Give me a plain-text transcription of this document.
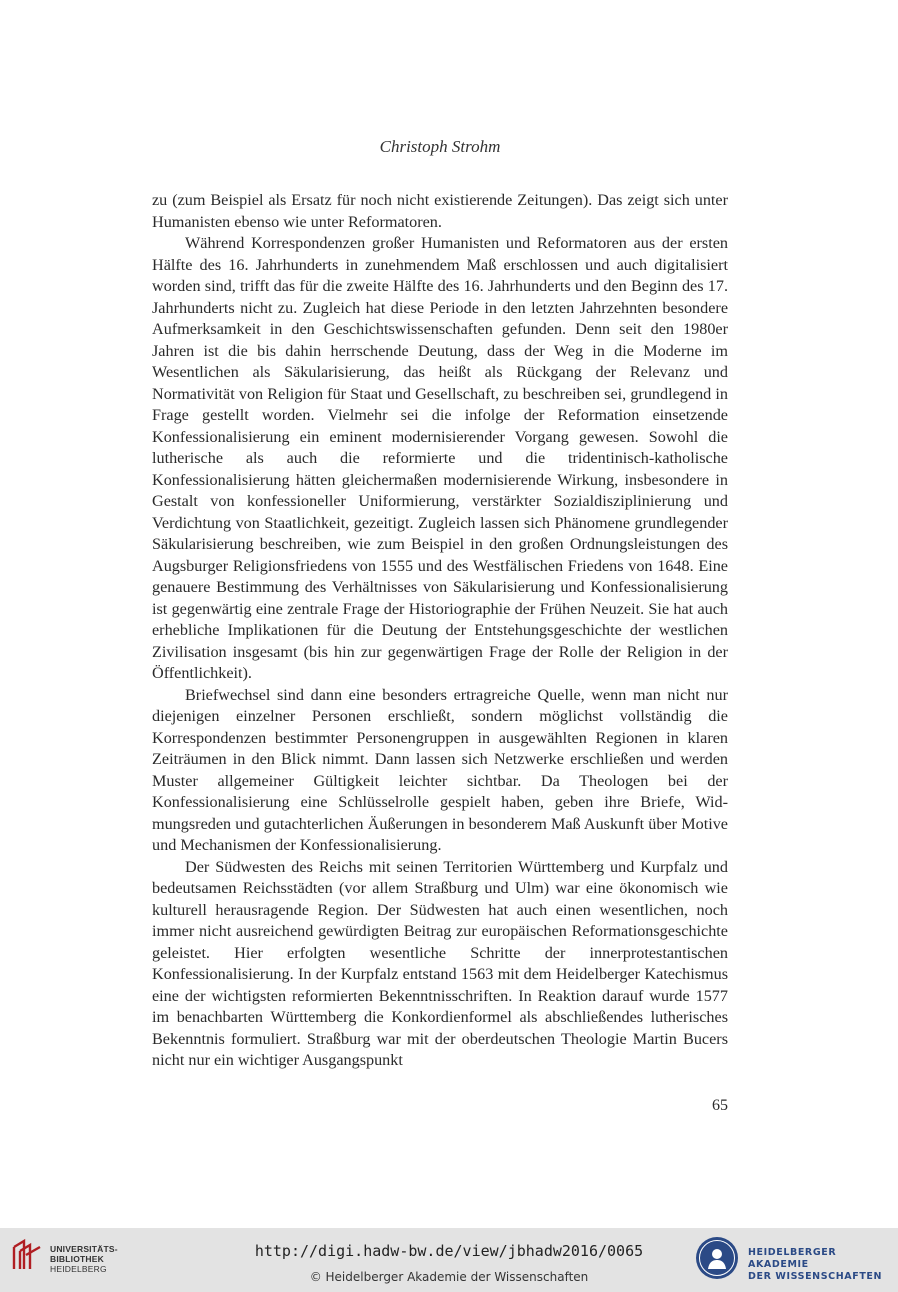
Christoph Strohm

zu (zum Beispiel als Ersatz für noch nicht existierende Zeitungen). Das zeigt sich unter Humanisten ebenso wie unter Reformatoren.

Während Korrespondenzen großer Humanisten und Reformatoren aus der ersten Hälfte des 16. Jahrhunderts in zunehmendem Maß erschlossen und auch digitalisiert worden sind, trifft das für die zweite Hälfte des 16. Jahrhunderts und den Beginn des 17. Jahrhunderts nicht zu. Zugleich hat diese Periode in den letzten Jahrzehnten besondere Aufmerksamkeit in den Geschichtswissenschaften gefunden. Denn seit den 1980er Jahren ist die bis dahin herrschende Deutung, dass der Weg in die Moderne im Wesentlichen als Säkularisierung, das heißt als Rückgang der Relevanz und Normativität von Religion für Staat und Gesellschaft, zu beschreiben sei, grundlegend in Frage gestellt worden. Vielmehr sei die infolge der Reformation einsetzende Konfessionalisierung ein eminent modernisierender Vorgang gewesen. Sowohl die lutherische als auch die reformierte und die tridentinisch-katholische Konfessionalisierung hätten gleichermaßen modernisierende Wirkung, insbesondere in Gestalt von konfessioneller Uniformierung, verstärkter Sozialdisziplinierung und Verdichtung von Staatlichkeit, gezeitigt. Zugleich lassen sich Phänomene grundlegender Säkularisierung beschreiben, wie zum Beispiel in den großen Ordnungsleistungen des Augsburger Religionsfriedens von 1555 und des Westfälischen Friedens von 1648. Eine genauere Bestimmung des Verhältnisses von Säkularisierung und Konfessionalisierung ist gegenwärtig eine zentrale Frage der Historiographie der Frühen Neuzeit. Sie hat auch erhebliche Implikationen für die Deutung der Entstehungsgeschichte der westlichen Zivilisation insgesamt (bis hin zur gegenwärtigen Frage der Rolle der Religion in der Öffentlichkeit).

Briefwechsel sind dann eine besonders ertragreiche Quelle, wenn man nicht nur diejenigen einzelner Personen erschließt, sondern möglichst vollständig die Korrespondenzen bestimmter Personengruppen in ausgewählten Regionen in klaren Zeiträumen in den Blick nimmt. Dann lassen sich Netzwerke erschließen und werden Muster allgemeiner Gültigkeit leichter sichtbar. Da Theologen bei der Konfessionalisierung eine Schlüsselrolle gespielt haben, geben ihre Briefe, Widmungsreden und gutachterlichen Äußerungen in besonderem Maß Auskunft über Motive und Mechanismen der Konfessionalisierung.

Der Südwesten des Reichs mit seinen Territorien Württemberg und Kurpfalz und bedeutsamen Reichsstädten (vor allem Straßburg und Ulm) war eine ökonomisch wie kulturell herausragende Region. Der Südwesten hat auch einen wesentlichen, noch immer nicht ausreichend gewürdigten Beitrag zur europäischen Reformationsgeschichte geleistet. Hier erfolgten wesentliche Schritte der innerprotestantischen Konfessionalisierung. In der Kurpfalz entstand 1563 mit dem Heidelberger Katechismus eine der wichtigsten reformierten Bekenntnisschriften. In Reaktion darauf wurde 1577 im benachbarten Württemberg die Konkordienformel als abschließendes lutherisches Bekenntnis formuliert. Straßburg war mit der oberdeutschen Theologie Martin Bucers nicht nur ein wichtiger Ausgangspunkt

65
UNIVERSITÄTS-
BIBLIOTHEK
HEIDELBERG
http://digi.hadw-bw.de/view/jbhadw2016/0065
© Heidelberger Akademie der Wissenschaften
HEIDELBERGER AKADEMIE
DER WISSENSCHAFTEN
